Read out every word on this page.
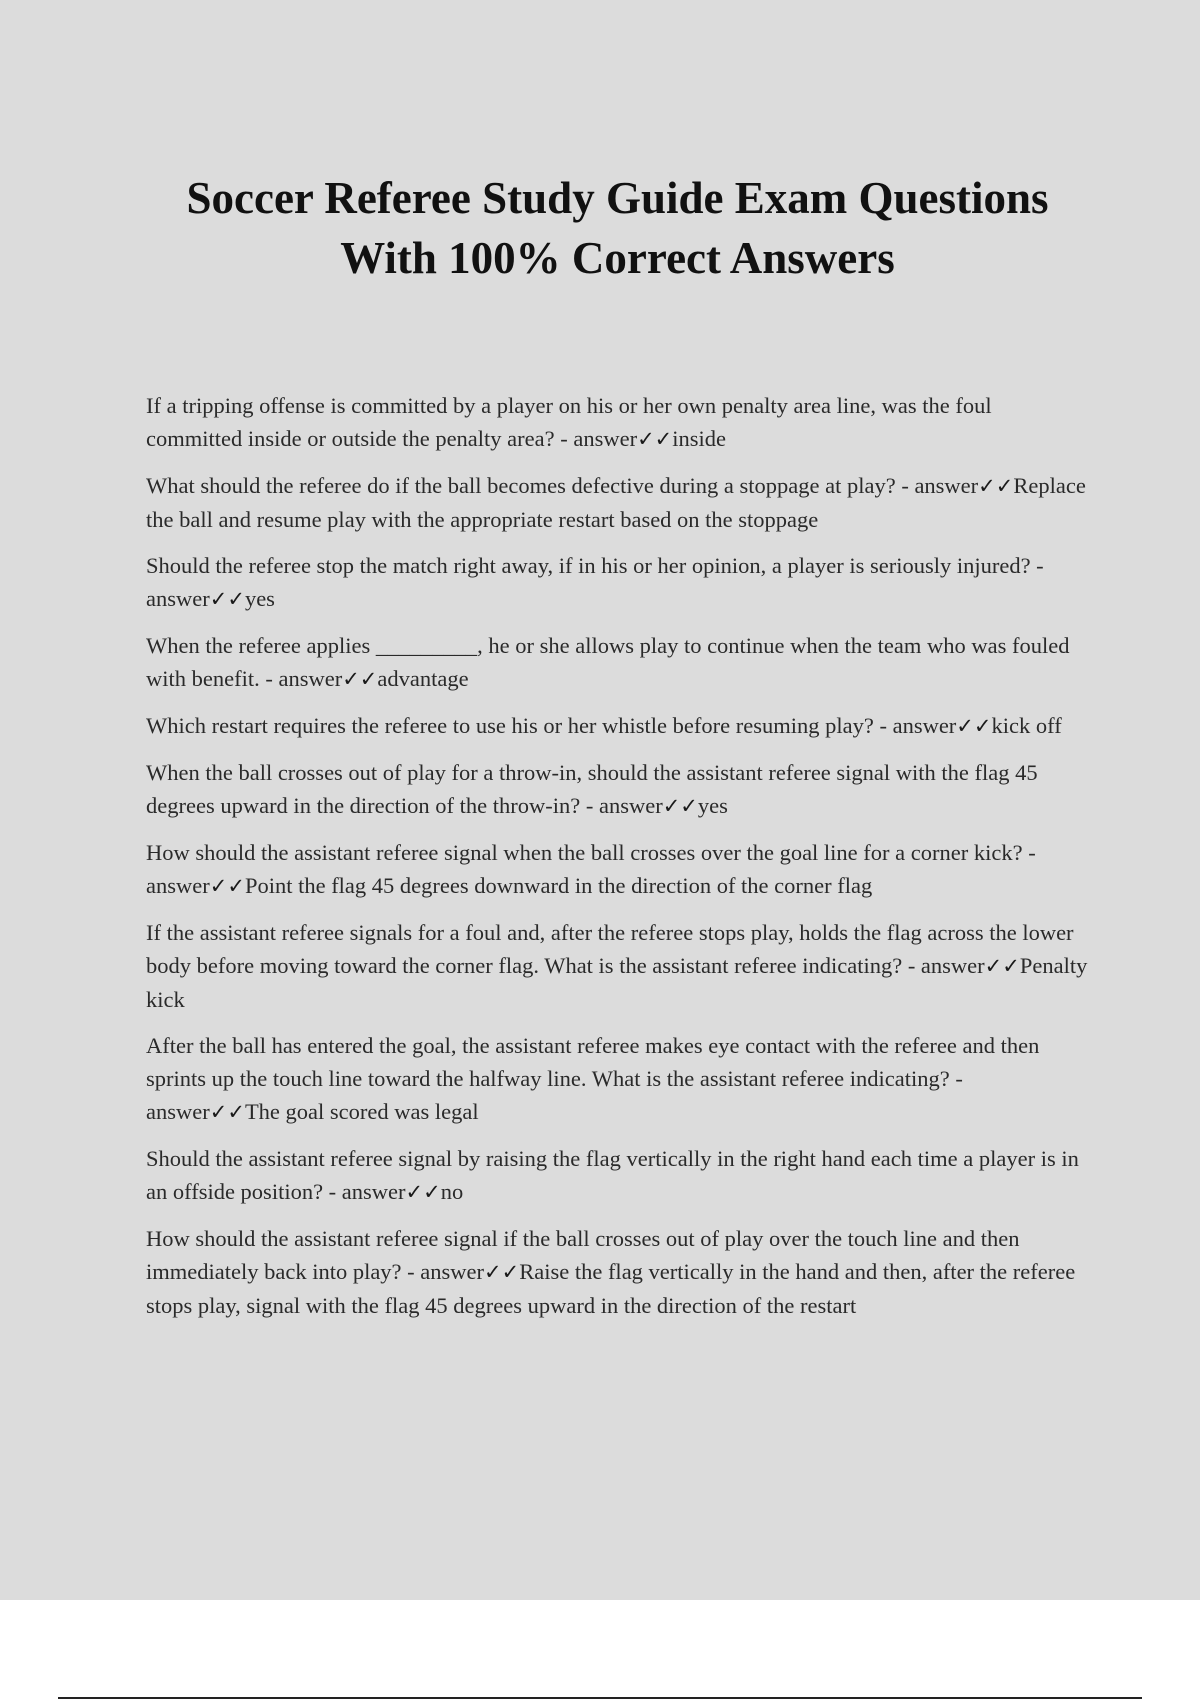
Soccer Referee Study Guide Exam Questions
With 100% Correct Answers

If a tripping offense is committed by a player on his or her own penalty area line, was the foul committed inside or outside the penalty area? - answer✓✓inside

What should the referee do if the ball becomes defective during a stoppage at play? - answer✓✓Replace the ball and resume play with the appropriate restart based on the stoppage

Should the referee stop the match right away, if in his or her opinion, a player is seriously injured? - answer✓✓yes

When the referee applies _________, he or she allows play to continue when the team who was fouled with benefit. - answer✓✓advantage

Which restart requires the referee to use his or her whistle before resuming play? - answer✓✓kick off

When the ball crosses out of play for a throw-in, should the assistant referee signal with the flag 45 degrees upward in the direction of the throw-in? - answer✓✓yes

How should the assistant referee signal when the ball crosses over the goal line for a corner kick? - answer✓✓Point the flag 45 degrees downward in the direction of the corner flag

If the assistant referee signals for a foul and, after the referee stops play, holds the flag across the lower body before moving toward the corner flag. What is the assistant referee indicating? - answer✓✓Penalty kick

After the ball has entered the goal, the assistant referee makes eye contact with the referee and then sprints up the touch line toward the halfway line. What is the assistant referee indicating? - answer✓✓The goal scored was legal

Should the assistant referee signal by raising the flag vertically in the right hand each time a player is in an offside position? - answer✓✓no

How should the assistant referee signal if the ball crosses out of play over the touch line and then immediately back into play? - answer✓✓Raise the flag vertically in the hand and then, after the referee stops play, signal with the flag 45 degrees upward in the direction of the restart
